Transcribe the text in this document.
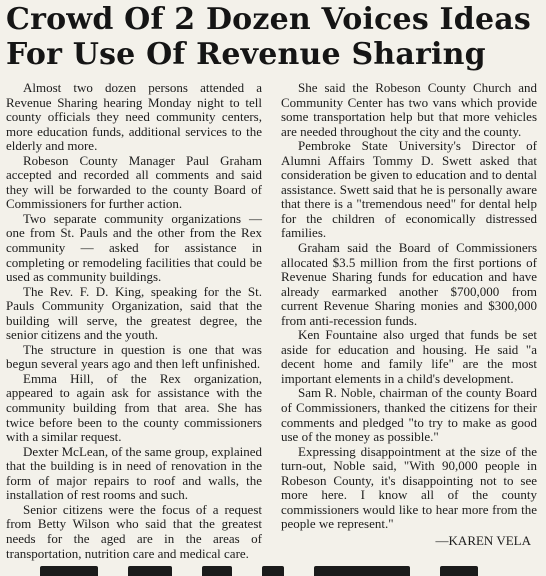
Crowd Of 2 Dozen Voices Ideas
For Use Of Revenue Sharing

Almost two dozen persons attended a Revenue Sharing hearing Monday night to tell county officials they need community centers, more education funds, additional services to the elderly and more.

Robeson County Manager Paul Graham accepted and recorded all comments and said they will be forwarded to the county Board of Commissioners for further action.

Two separate community organizations — one from St. Pauls and the other from the Rex community — asked for assistance in completing or remodeling facilities that could be used as community buildings.

The Rev. F. D. King, speaking for the St. Pauls Community Organization, said that the building will serve, the greatest degree, the senior citizens and the youth.

The structure in question is one that was begun several years ago and then left unfinished.

Emma Hill, of the Rex organization, appeared to again ask for assistance with the community building from that area. She has twice before been to the county commissioners with a similar request.

Dexter McLean, of the same group, explained that the building is in need of renovation in the form of major repairs to roof and walls, the installation of rest rooms and such.

Senior citizens were the focus of a request from Betty Wilson who said that the greatest needs for the aged are in the areas of transportation, nutrition care and medical care.

She said the Robeson County Church and Community Center has two vans which provide some transportation help but that more vehicles are needed throughout the city and the county.

Pembroke State University's Director of Alumni Affairs Tommy D. Swett asked that consideration be given to education and to dental assistance. Swett said that he is personally aware that there is a "tremendous need" for dental help for the children of economically distressed families.

Graham said the Board of Commissioners allocated $3.5 million from the first portions of Revenue Sharing funds for education and have already earmarked another $700,000 from current Revenue Sharing monies and $300,000 from anti-recession funds.

Ken Fountaine also urged that funds be set aside for education and housing. He said "a decent home and family life" are the most important elements in a child's development.

Sam R. Noble, chairman of the county Board of Commissioners, thanked the citizens for their comments and pledged "to try to make as good use of the money as possible."

Expressing disappointment at the size of the turn-out, Noble said, "With 90,000 people in Robeson County, it's disappointing not to see more here. I know all of the county commissioners would like to hear more from the people we represent."

—KAREN VELA
